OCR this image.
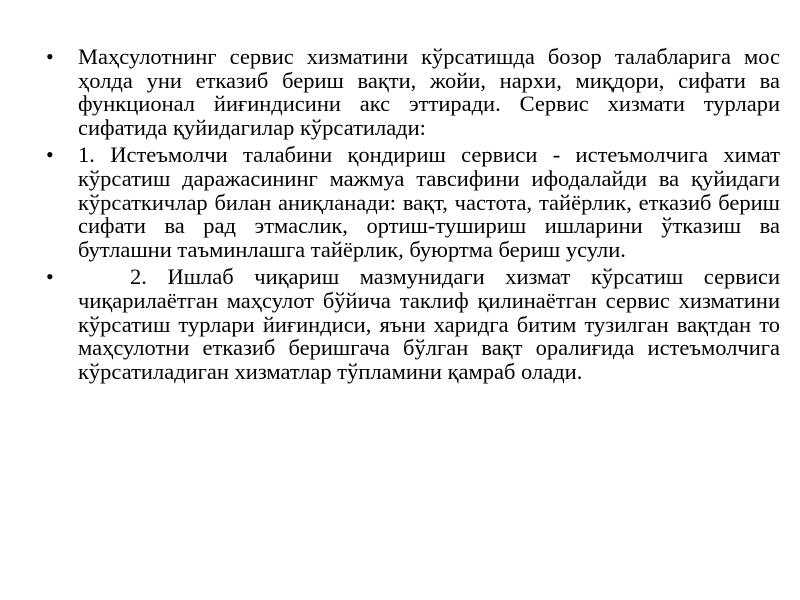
• Маҳсулотнинг сервис хизматини кўрсатишда бозор талабларига мос ҳолда уни етказиб бериш вақти, жойи, нархи, миқдори, сифати ва функционал йиғиндисини акс эттиради. Сервис хизмати турлари сифатида қуйидагилар кўрсатилади:
• 1. Истеъмолчи талабини қондириш сервиси - истеъмолчига химат кўрсатиш даражасининг мажмуа тавсифини ифодалайди ва қуйидаги кўрсаткичлар билан аниқланади: вақт, частота, тайёрлик, етказиб бериш сифати ва рад этмаслик, ортиш-тушириш ишларини ўтказиш ва бутлашни таъминлашга тайёрлик, буюртма бериш усули.
•	2. Ишлаб чиқариш мазмунидаги хизмат кўрсатиш сервиси чиқарилаётган маҳсулот бўйича таклиф қилинаётган сервис хизматини кўрсатиш турлари йиғиндиси, яъни харидга битим тузилган вақтдан то маҳсулотни етказиб беришгача бўлган вақт оралиғида истеъмолчига кўрсатиладиган хизматлар тўпламини қамраб олади.
